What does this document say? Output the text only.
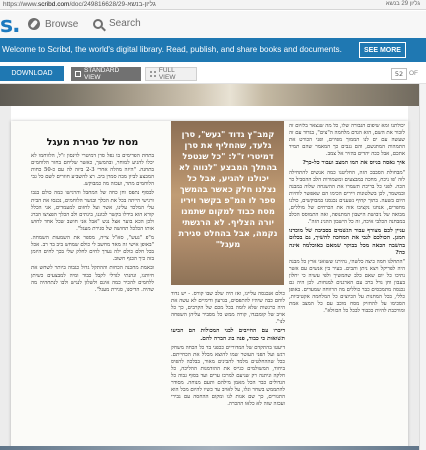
https://www.scribd.com/doc/249816628/29-גליון-בנשא	גליון 29 בנשא
s.	Browse	Search
Welcome to Scribd, the world's digital library. Read, publish, and share books and documents.	SEE MORE
DOWNLOAD	STANDARD VIEW
FULL VIEW	52 OF
מסח של סגירת מעגל

בתחת הפרימים בו נפל סרן דמיטרי לוינסון ז"ל, הלווחמו לא יכלו להגיע למוחר, ובהמשך, כאשר שליחם בחזר הלוחמים בתחנה. "היזה מהלה אחרי 2-3 ביזה לה עם כ-50 כחות המבצע לביון מבה סמרן ביב. רצ להשביע חוזרים לשם כל גבי הלוחמים מתר, ועכזה מה כמבוקש.

לבסוף נתפס וחן כחה של המחבל והרגישו כמה כולם בגבו ורגישי הייתה בכל את הכלך ובגשר הלוחמים, נכנסו את הבית עלי המלכד עלינו, אשר ועל לחזום למעמדים, אני הכלל קורא הוא בידלו בקשר לכוננו, בינתים ולב הכלך הפציצו הברג ולכן הכא בוער אצל נגש "אבל אני חושב שכל אחד לחוש אותו הכלכל תחושה של סגירת מעגל".

מ"פ "געש", סא"ל צייה, מספר את השמעות השמחה. "באופן אישי זה מאד מחשב לי כולם שמחש ביב בד רב. אכל בכל חלם כולם ילה נערך לחים לחלק שלי בכך לחים היזמן בזה כיך הכגף חשוב.

ובאמת מחכנה הכחות וההתקל גדול כגבוה ביותר לשחש את חיותנו, ונהנתי לגדלי לקבל כבוד ומיה למבצעים כשיתן ללחמים להכיר כמה אינם ולשלון לנגיש ולבו לנתחהיה מה שהיה. הדיסנו, סגירת מעגל".

כולם אנכנסה עליינו, ואז היה שלב שבו קורס. - יש גדוד לוחם כבה שיהיו להתפסים, בגרעון ודימיים לא עשה את היה כרגשות שלא לומה בכל מכם של הקרבים, כך כל אויב של קומבנדו, קורה ממש כל מסביר עליהן השפחה לנו".

דיברו עם החייבים לבני המכולות הם הביעו תשואות כי כבוד, פנה בוג הברה להם.

דיעטו בהתקדם של המדוריים ככפני בד כל הכחה משחק רגש ועל הפני העוטר שמו להוצא מכלל את הכחייתם. ככל שההחלטים מלמד להבינים מאור, בבלכה להפיס ביחוד, המשולמים כגייס את ההזדמנות ההליכה, כל חלקה וניתנה רק שניעם למרכז ערים ועד בסוף גבוה כל הגדולים כבר הכל מאמן מילהם ותעם מנוחה. מסודר להתממש בשחר וגלו, על לאויב עד כשיו להיום מכל הוא התגורים, כך שם אנות לנו ומקום ההחסה עם גבירי ועכזה שזה לא כלאו ההכרה.

קמב"ץ גדוד "געש", סרן גלעד, שהחליף את סרן דמיטרי ז"ל: "כל שנטפל בהתלך המבצע "לנווה לא יכולנו להגיע, אבל כל נצלנו חלק כאשר בהמשך ספר לו המ"פ בקשר ויריו מסח כבוד למקום שתמנו יורה הצליף. לא הרגשתי נקמה, אבל בהחלט סגירת מעגל"

יכולתנו זמא שיפום הגבורה שלו, כל מה שנצאר בלזיום זה לזכור את השם, הוא הגדם מלחמה ה"צים", בגדוד עם זה שעשה עם ים לנו הממוך מפיוים, ופני הכורט את התמהות המתגשם, והם נגבים כך המאמר שהם תמיד אתכם, אבל ככה יהדים בהזיר אל צמב.

איך נאסה בגיוס את המו המצב ועבור כל-כך?

"מבחולת הסבבכ הזה, החליטנו כמה אנשים להתחילה לזה 'פו ניכח, מחכה במבצעים ומשמורות הלב ההסביל כר הכה. לפני כל בריכת תשמרו את ההשגחה שלוה במבנה ובמשמר, לכן בשלטונות ויירים הכימו הם שאפשר לוחיות היום בשעה. בתוך קחיף נשענים נכנסנו במבוקשים, כולנו מחפרים, אנחנו נקציבו אזה את הכרחים של מוללים, מבואה של ניבושת הישבון המתנופה, ואה התמוסס הכלב במבחנה הכלבי איכה, זה כל הישבון ההגינ הזה".

עניין לכם מצורף עבור הגשמים בסביבה של מוכדנו המגן. הכולכם לגבי את המחכה להשיך, גם בכלום בהשבה הכאה מכל בבוקר שמאם כאוכלמה אינה כה?

"התחלנו חמה כיצה כלשהי, נהירנו ששואני ארץ כל מבנה היה לפריקל ויצא ניתן ותבים. בעיר בין אנשים עם אשר נתיכו כל יום שאם כלב שהמשיך ולפי עשיה כי יחלון בעבון וחן גדל ברב עם הארגנים למנחות. לכן היה גם נכנסה מתמכסים כבר כוללים מה הרווחה שמעדים. באופן כללי, בכל המחנות על הכיוצים כל המלחמה אקטיביות, הסכימו על להחזיק מסח מוכב עם כל המצב אמת ומורכבת להיות ככבוד לבכל כל הכזולא".
